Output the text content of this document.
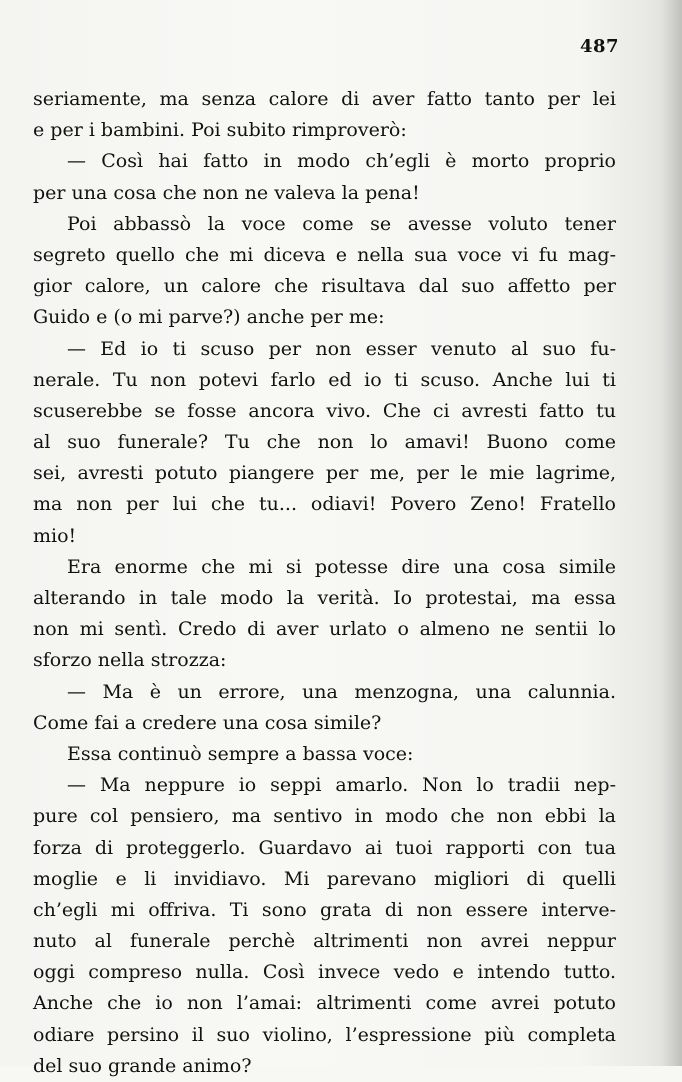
487
seriamente, ma senza calore di aver fatto tanto per lei
e per i bambini. Poi subito rimproverò:
— Così hai fatto in modo ch’egli è morto proprio
per una cosa che non ne valeva la pena!
Poi abbassò la voce come se avesse voluto tener
segreto quello che mi diceva e nella sua voce vi fu mag-
gior calore, un calore che risultava dal suo affetto per
Guido e (o mi parve?) anche per me:
— Ed io ti scuso per non esser venuto al suo fu-
nerale. Tu non potevi farlo ed io ti scuso. Anche lui ti
scuserebbe se fosse ancora vivo. Che ci avresti fatto tu
al suo funerale? Tu che non lo amavi! Buono come
sei, avresti potuto piangere per me, per le mie lagrime,
ma non per lui che tu... odiavi! Povero Zeno! Fratello
mio!
Era enorme che mi si potesse dire una cosa simile
alterando in tale modo la verità. Io protestai, ma essa
non mi sentì. Credo di aver urlato o almeno ne sentii lo
sforzo nella strozza:
— Ma è un errore, una menzogna, una calunnia.
Come fai a credere una cosa simile?
Essa continuò sempre a bassa voce:
— Ma neppure io seppi amarlo. Non lo tradii nep-
pure col pensiero, ma sentivo in modo che non ebbi la
forza di proteggerlo. Guardavo ai tuoi rapporti con tua
moglie e li invidiavo. Mi parevano migliori di quelli
ch’egli mi offriva. Ti sono grata di non essere interve-
nuto al funerale perchè altrimenti non avrei neppur
oggi compreso nulla. Così invece vedo e intendo tutto.
Anche che io non l’amai: altrimenti come avrei potuto
odiare persino il suo violino, l’espressione più completa
del suo grande animo?
